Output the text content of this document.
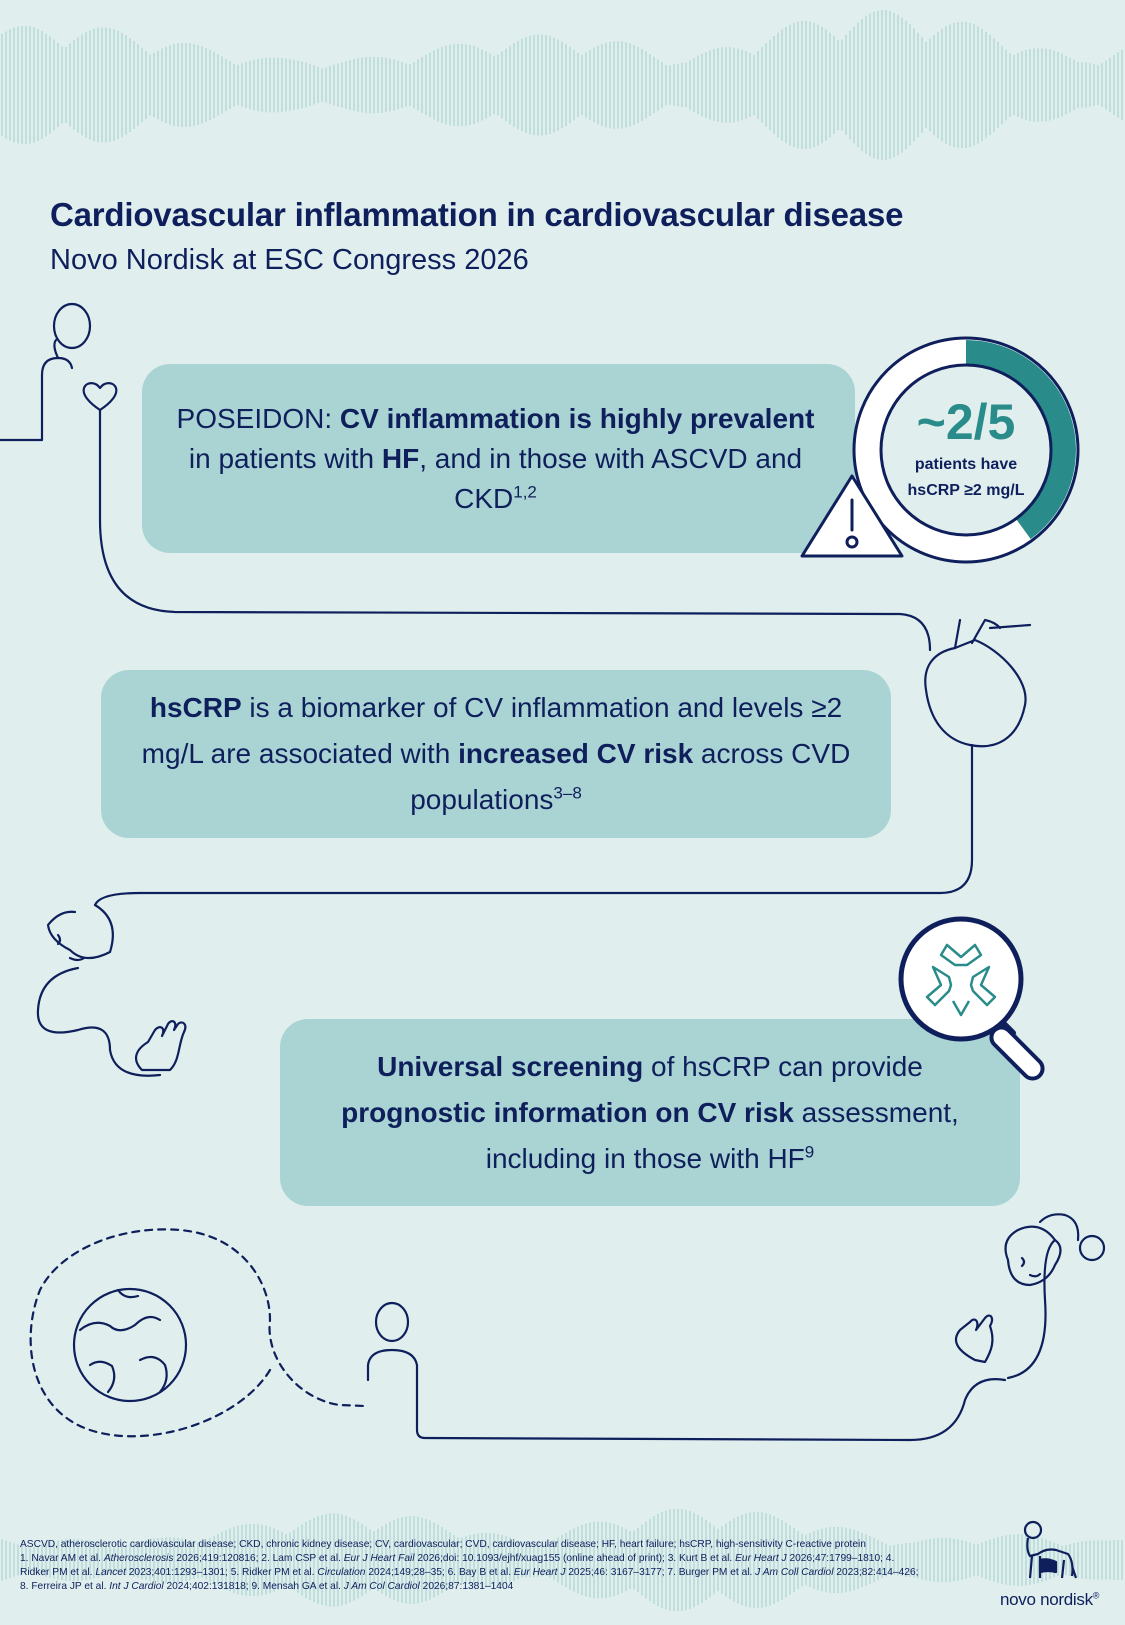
Cardiovascular inflammation in cardiovascular disease
Novo Nordisk at ESC Congress 2026
POSEIDON: CV inflammation is highly prevalent in patients with HF, and in those with ASCVD and CKD$^{1,2}$
~2/5
patients have
hsCRP ≥2 mg/L
hsCRP is a biomarker of CV inflammation and levels ≥2 mg/L are associated with increased CV risk across CVD populations$^{3-8}$
Universal screening of hsCRP can provide prognostic information on CV risk assessment, including in those with $HF^9$
ASCVD, atherosclerotic cardiovascular disease; CKD, chronic kidney disease; CV, cardiovascular; CVD, cardiovascular disease; HF, heart failure; hsCRP, high-sensitivity C-reactive protein
1. Navar AM et al. Atherosclerosis 2026;419:120816; 2. Lam CSP et al. Eur J Heart Fail 2026;doi: 10.1093/ejhf/xuag155 (online ahead of print); 3. Kurt B et al. Eur Heart J 2026;47:1799–1810; 4. Ridker PM et al. Lancet 2023;401:1293–1301; 5. Ridker PM et al. Circulation 2024;149;28–35; 6. Bay B et al. Eur Heart J 2025;46: 3167–3177; 7. Burger PM et al. J Am Coll Cardiol 2023;82:414–426; 8. Ferreira JP et al. Int J Cardiol 2024;402:131818; 9. Mensah GA et al. J Am Col Cardiol 2026;87:1381–1404
novo nordisk®
